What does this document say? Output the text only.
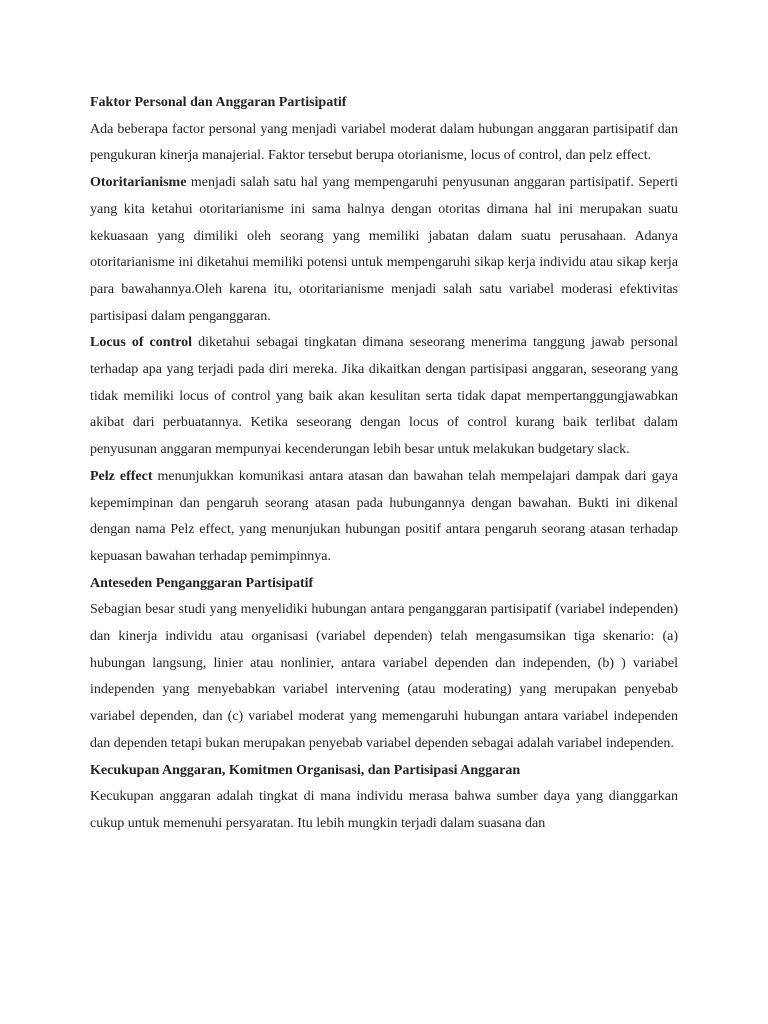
Faktor Personal dan Anggaran Partisipatif

Ada beberapa factor personal yang menjadi variabel moderat dalam hubungan anggaran partisipatif dan pengukuran kinerja manajerial. Faktor tersebut berupa otorianisme, locus of control, dan pelz effect.

Otoritarianisme menjadi salah satu hal yang mempengaruhi penyusunan anggaran partisipatif. Seperti yang kita ketahui otoritarianisme ini sama halnya dengan otoritas dimana hal ini merupakan suatu kekuasaan yang dimiliki oleh seorang yang memiliki jabatan dalam suatu perusahaan. Adanya otoritarianisme ini diketahui memiliki potensi untuk mempengaruhi sikap kerja individu atau sikap kerja para bawahannya.Oleh karena itu, otoritarianisme menjadi salah satu variabel moderasi efektivitas partisipasi dalam penganggaran.

Locus of control diketahui sebagai tingkatan dimana seseorang menerima tanggung jawab personal terhadap apa yang terjadi pada diri mereka. Jika dikaitkan dengan partisipasi anggaran, seseorang yang tidak memiliki locus of control yang baik akan kesulitan serta tidak dapat mempertanggungjawabkan akibat dari perbuatannya. Ketika seseorang dengan locus of control kurang baik terlibat dalam penyusunan anggaran mempunyai kecenderungan lebih besar untuk melakukan budgetary slack.

Pelz effect menunjukkan komunikasi antara atasan dan bawahan telah mempelajari dampak dari gaya kepemimpinan dan pengaruh seorang atasan pada hubungannya dengan bawahan. Bukti ini dikenal dengan nama Pelz effect, yang menunjukan hubungan positif antara pengaruh seorang atasan terhadap kepuasan bawahan terhadap pemimpinnya.

Anteseden Penganggaran Partisipatif

Sebagian besar studi yang menyelidiki hubungan antara penganggaran partisipatif (variabel independen) dan kinerja individu atau organisasi (variabel dependen) telah mengasumsikan tiga skenario: (a) hubungan langsung, linier atau nonlinier, antara variabel dependen dan independen, (b) ) variabel independen yang menyebabkan variabel intervening (atau moderating) yang merupakan penyebab variabel dependen, dan (c) variabel moderat yang memengaruhi hubungan antara variabel independen dan dependen tetapi bukan merupakan penyebab variabel dependen sebagai adalah variabel independen.

Kecukupan Anggaran, Komitmen Organisasi, dan Partisipasi Anggaran

Kecukupan anggaran adalah tingkat di mana individu merasa bahwa sumber daya yang dianggarkan cukup untuk memenuhi persyaratan. Itu lebih mungkin terjadi dalam suasana dan
